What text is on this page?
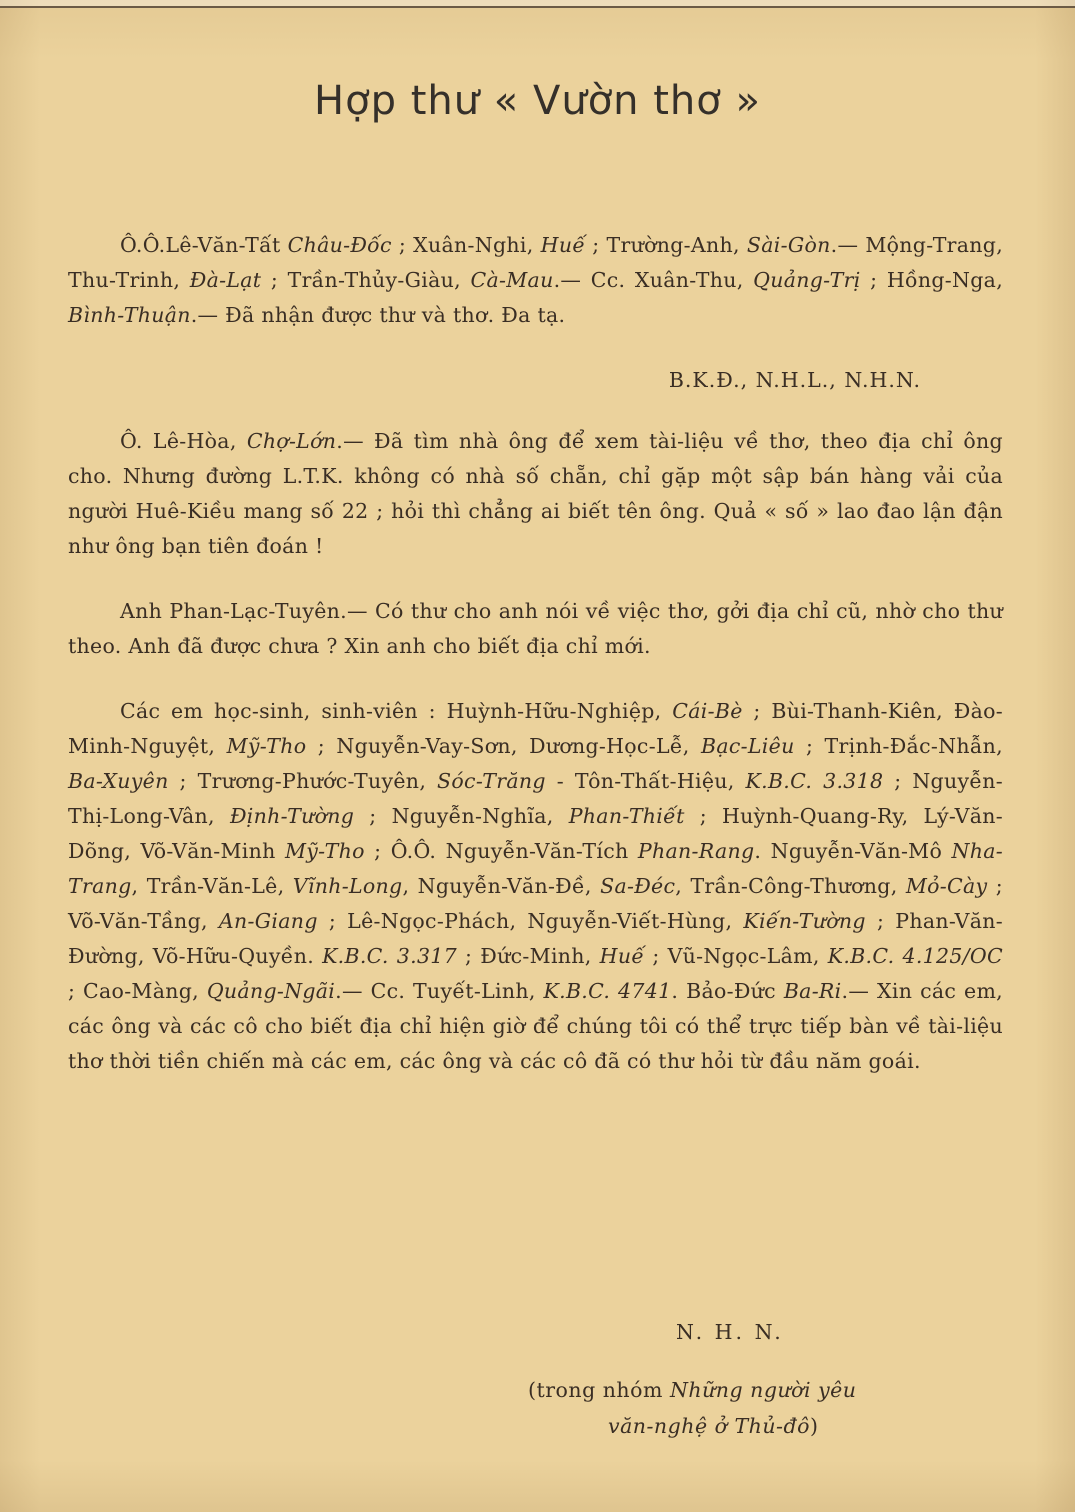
Hợp thư « Vườn thơ »

Ô.Ô.Lê-Văn-Tất Châu-Đốc ; Xuân-Nghi, Huế ; Trường-Anh, Sài-Gòn.— Mộng-Trang, Thu-Trinh, Đà-Lạt ; Trần-Thủy-Giàu, Cà-Mau.— Cc. Xuân-Thu, Quảng-Trị ; Hồng-Nga, Bình-Thuận.— Đã nhận được thư và thơ. Đa tạ.

B.K.Đ., N.H.L., N.H.N.

Ô. Lê-Hòa, Chợ-Lớn.— Đã tìm nhà ông để xem tài-liệu về thơ, theo địa chỉ ông cho. Nhưng đường L.T.K. không có nhà số chẵn, chỉ gặp một sập bán hàng vải của người Huê-Kiều mang số 22 ; hỏi thì chẳng ai biết tên ông. Quả « số » lao đao lận đận như ông bạn tiên đoán !

Anh Phan-Lạc-Tuyên.— Có thư cho anh nói về việc thơ, gởi địa chỉ cũ, nhờ cho thư theo. Anh đã được chưa ? Xin anh cho biết địa chỉ mới.

Các em học-sinh, sinh-viên : Huỳnh-Hữu-Nghiệp, Cái-Bè ; Bùi-Thanh-Kiên, Đào-Minh-Nguyệt, Mỹ-Tho ; Nguyễn-Vay-Sơn, Dương-Học-Lễ, Bạc-Liêu ; Trịnh-Đắc-Nhẫn, Ba-Xuyên ; Trương-Phước-Tuyên, Sóc-Trăng - Tôn-Thất-Hiệu, K.B.C. 3.318 ; Nguyễn-Thị-Long-Vân, Định-Tường ; Nguyễn-Nghĩa, Phan-Thiết ; Huỳnh-Quang-Ry, Lý-Văn-Dõng, Võ-Văn-Minh Mỹ-Tho ; Ô.Ô. Nguyễn-Văn-Tích Phan-Rang. Nguyễn-Văn-Mô Nha-Trang, Trần-Văn-Lê, Vĩnh-Long, Nguyễn-Văn-Đề, Sa-Đéc, Trần-Công-Thương, Mỏ-Cày ; Võ-Văn-Tầng, An-Giang ; Lê-Ngọc-Phách, Nguyễn-Viết-Hùng, Kiến-Tường ; Phan-Văn-Đường, Võ-Hữu-Quyền. K.B.C. 3.317 ; Đức-Minh, Huế ; Vũ-Ngọc-Lâm, K.B.C. 4.125/OC ; Cao-Màng, Quảng-Ngãi.— Cc. Tuyết-Linh, K.B.C. 4741. Bảo-Đức Ba-Ri.— Xin các em, các ông và các cô cho biết địa chỉ hiện giờ để chúng tôi có thể trực tiếp bàn về tài-liệu thơ thời tiền chiến mà các em, các ông và các cô đã có thư hỏi từ đầu năm goái.

N. H. N.

(trong nhóm Những người yêu
văn-nghệ ở Thủ-đô)
